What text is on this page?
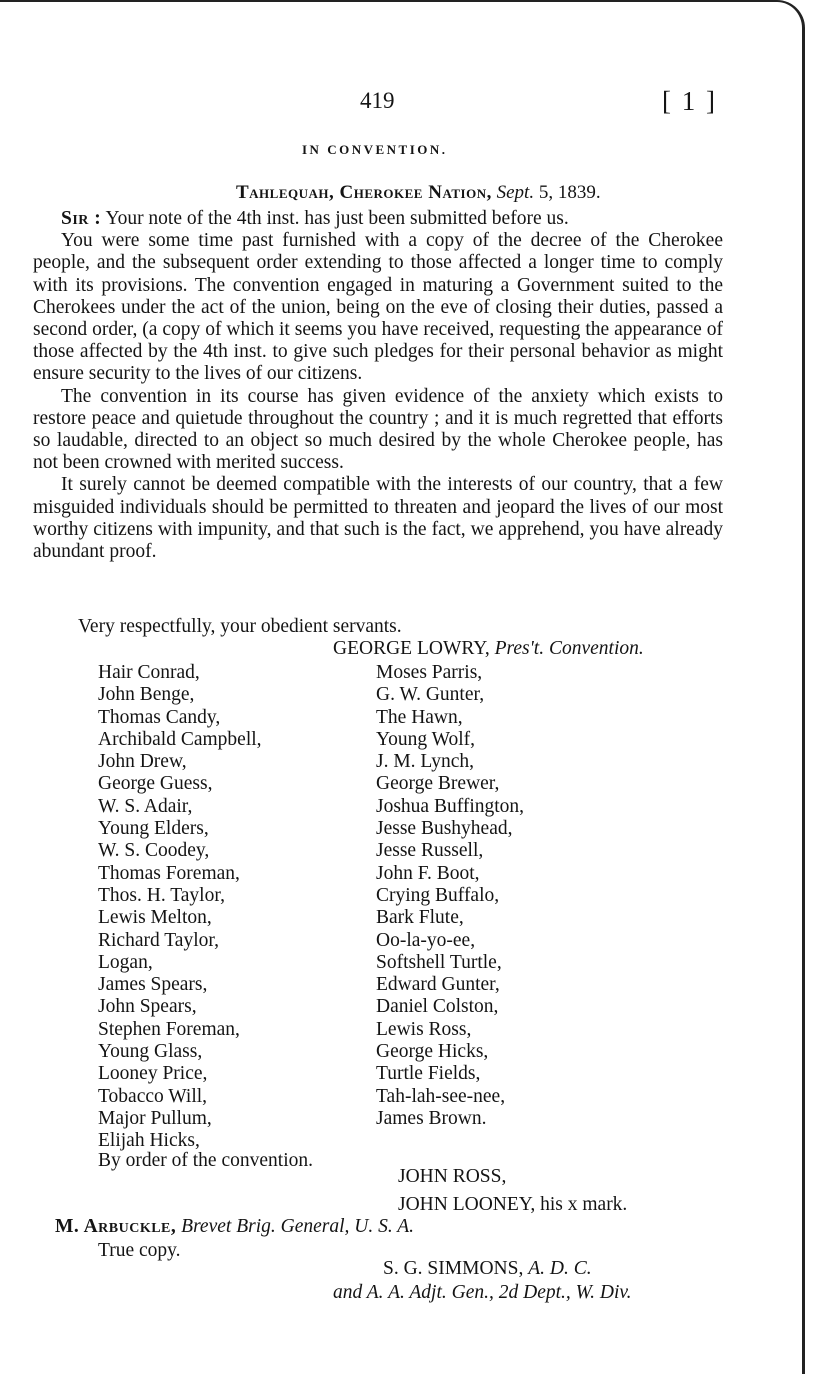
419	[ 1 ]
IN CONVENTION.
Tahlequah, Cherokee Nation, Sept. 5, 1839.

Sir : Your note of the 4th inst. has just been submitted before us.

You were some time past furnished with a copy of the decree of the Cherokee people, and the subsequent order extending to those affected a longer time to comply with its provisions. The convention engaged in maturing a Government suited to the Cherokees under the act of the union, being on the eve of closing their duties, passed a second order, (a copy of which it seems you have received, requesting the appearance of those affected by the 4th inst. to give such pledges for their personal behavior as might ensure security to the lives of our citizens.

The convention in its course has given evidence of the anxiety which exists to restore peace and quietude throughout the country ; and it is much regretted that efforts so laudable, directed to an object so much desired by the whole Cherokee people, has not been crowned with merited success.

It surely cannot be deemed compatible with the interests of our country, that a few misguided individuals should be permitted to threaten and jeopard the lives of our most worthy citizens with impunity, and that such is the fact, we apprehend, you have already abundant proof.

Very respectfully, your obedient servants.
GEORGE LOWRY, Pres't. Convention.
Hair Conrad,
John Benge,
Thomas Candy,
Archibald Campbell,
John Drew,
George Guess,
W. S. Adair,
Young Elders,
W. S. Coodey,
Thomas Foreman,
Thos. H. Taylor,
Lewis Melton,
Richard Taylor,
Logan,
James Spears,
John Spears,
Stephen Foreman,
Young Glass,
Looney Price,
Tobacco Will,
Major Pullum,
Elijah Hicks,
Moses Parris,
G. W. Gunter,
The Hawn,
Young Wolf,
J. M. Lynch,
George Brewer,
Joshua Buffington,
Jesse Bushyhead,
Jesse Russell,
John F. Boot,
Crying Buffalo,
Bark Flute,
Oo-la-yo-ee,
Softshell Turtle,
Edward Gunter,
Daniel Colston,
Lewis Ross,
George Hicks,
Turtle Fields,
Tah-lah-see-nee,
James Brown.
By order of the convention.
JOHN ROSS,
JOHN LOONEY, his x mark.
M. Arbuckle, Brevet Brig. General, U. S. A.
True copy.
S. G. SIMMONS, A. D. C.
and A. A. Adjt. Gen., 2d Dept., W. Div.
